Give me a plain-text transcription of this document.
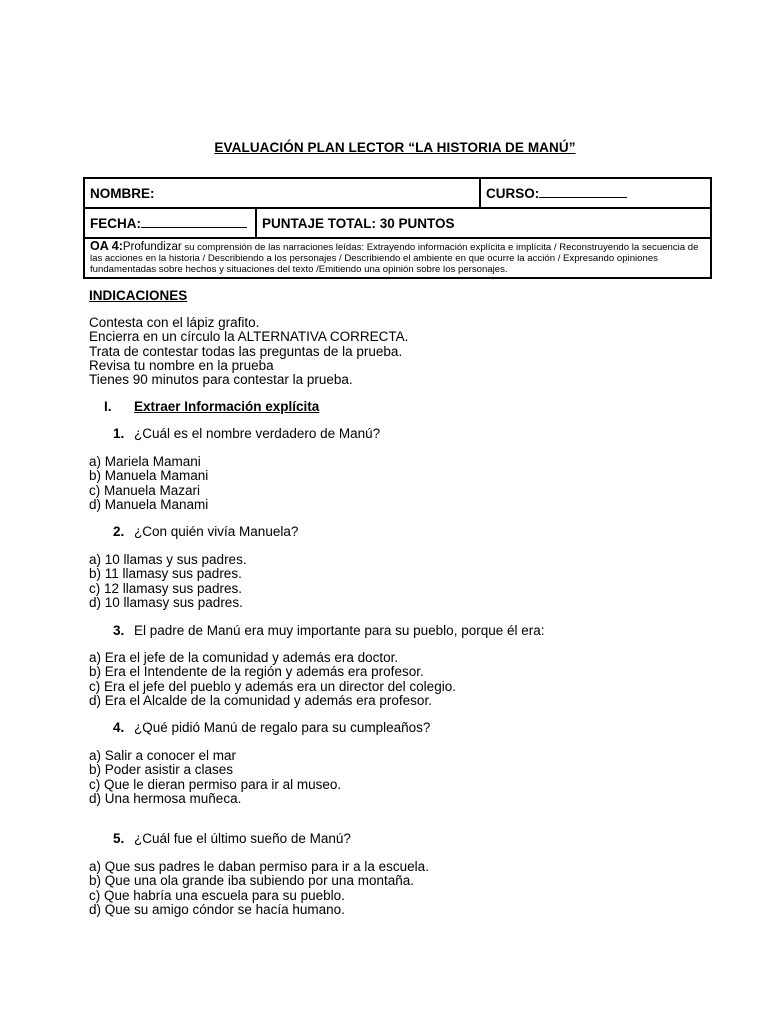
EVALUACIÓN PLAN LECTOR “LA HISTORIA DE MANÚ”
NOMBRE:		CURSO:
FECHA:	PUNTAJE TOTAL: 30 PUNTOS	
OA 4:Profundizar su comprensión de las narraciones leídas: Extrayendo información explícita e implícita / Reconstruyendo la secuencia de las acciones en la historia / Describiendo a los personajes / Describiendo el ambiente en que ocurre la acción / Expresando opiniones fundamentadas sobre hechos y situaciones del texto /Emitiendo una opinión sobre los personajes.		
INDICACIONES
Contesta con el lápiz grafito.
Encierra en un círculo la ALTERNATIVA CORRECTA.
Trata de contestar todas las preguntas de la prueba.
Revisa tu nombre en la prueba
Tienes 90 minutos para contestar la prueba.
I. Extraer Información explícita
1. ¿Cuál es el nombre verdadero de Manú?
a) Mariela Mamani
b) Manuela Mamani
c) Manuela Mazari
d) Manuela Manami
2. ¿Con quién vivía Manuela?
a) 10 llamas y sus padres.
b) 11 llamasy sus padres.
c) 12 llamasy sus padres.
d) 10 llamasy sus padres.
3. El padre de Manú era muy importante para su pueblo, porque él era:
a) Era el jefe de la comunidad y además era doctor.
b) Era el Intendente de la región y además era profesor.
c) Era el jefe del pueblo y además era un director del colegio.
d) Era el Alcalde de la comunidad y además era profesor.
4. ¿Qué pidió Manú de regalo para su cumpleaños?
a) Salir a conocer el mar
b) Poder asistir a clases
c) Que le dieran permiso para ir al museo.
d) Una hermosa muñeca.
5. ¿Cuál fue el último sueño de Manú?
a) Que sus padres le daban permiso para ir a la escuela.
b) Que una ola grande iba subiendo por una montaña.
c) Que habría una escuela para su pueblo.
d) Que su amigo cóndor se hacía humano.
